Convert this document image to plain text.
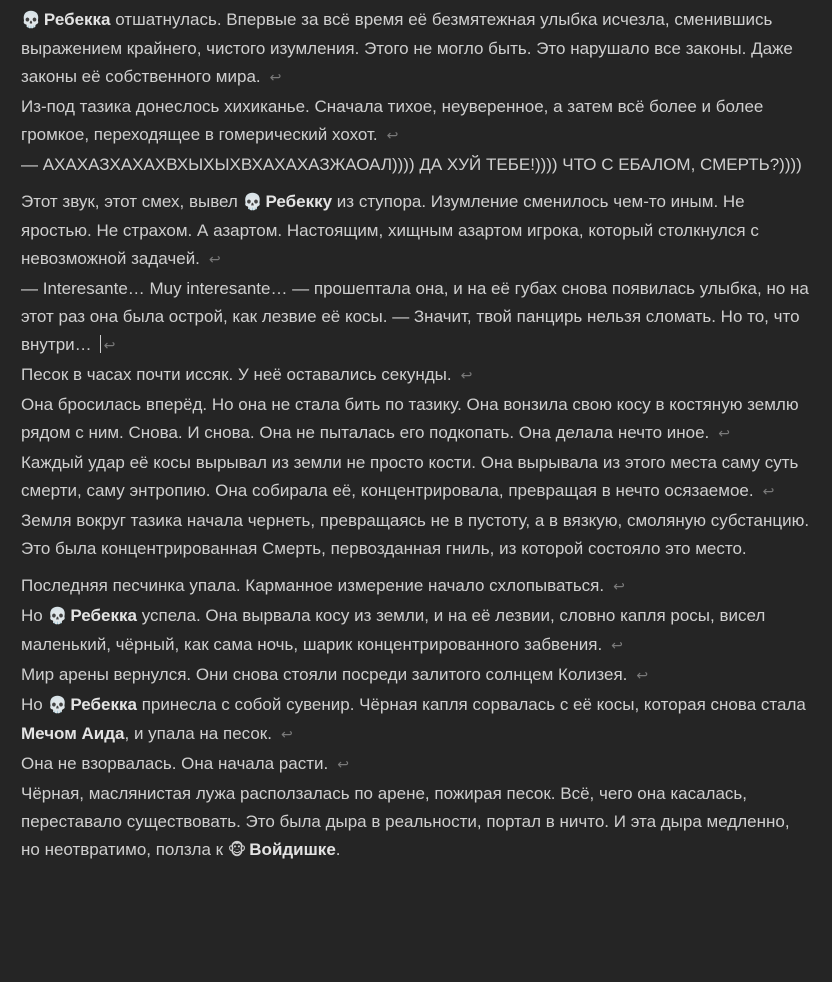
💀 Ребекка отшатнулась. Впервые за всё время её безмятежная улыбка исчезла, сменившись выражением крайнего, чистого изумления. Этого не могло быть. Это нарушало все законы. Даже законы её собственного мира. ↩
Из-под тазика донеслось хихиканье. Сначала тихое, неуверенное, а затем всё более и более громкое, переходящее в гомерический хохот. ↩
— АХАХАЗХАХАХВХЫХЫХВХАХАХАЗЖАОАЛ)))) ДА ХУЙ ТЕБЕ!)))) ЧТО С ЕБАЛОМ, СМЕРТЬ?))))
Этот звук, этот смех, вывел 💀 Ребекку из ступора. Изумление сменилось чем-то иным. Не яростью. Не страхом. А азартом. Настоящим, хищным азартом игрока, который столкнулся с невозможной задачей. ↩
— Interesante… Muy interesante… — прошептала она, и на её губах снова появилась улыбка, но на этот раз она была острой, как лезвие её косы. — Значит, твой панцирь нельзя сломать. Но то, что внутри… ↩
Песок в часах почти иссяк. У неё оставались секунды. ↩
Она бросилась вперёд. Но она не стала бить по тазику. Она вонзила свою косу в костяную землю рядом с ним. Снова. И снова. Она не пыталась его подкопать. Она делала нечто иное. ↩
Каждый удар её косы вырывал из земли не просто кости. Она вырывала из этого места саму суть смерти, саму энтропию. Она собирала её, концентрировала, превращая в нечто осязаемое. ↩
Земля вокруг тазика начала чернеть, превращаясь не в пустоту, а в вязкую, смоляную субстанцию. Это была концентрированная Смерть, первозданная гниль, из которой состояло это место.
Последняя песчинка упала. Карманное измерение начало схлопываться. ↩
Но 💀 Ребекка успела. Она вырвала косу из земли, и на её лезвии, словно капля росы, висел маленький, чёрный, как сама ночь, шарик концентрированного забвения. ↩
Мир арены вернулся. Они снова стояли посреди залитого солнцем Колизея. ↩
Но 💀 Ребекка принесла с собой сувенир. Чёрная капля сорвалась с её косы, которая снова стала Мечом Аида, и упала на песок. ↩
Она не взорвалась. Она начала расти. ↩
Чёрная, маслянистая лужа расползалась по арене, пожирая песок. Всё, чего она касалась, переставало существовать. Это была дыра в реальности, портал в ничто. И эта дыра медленно, но неотвратимо, ползла к 🐵 Войдишке.
